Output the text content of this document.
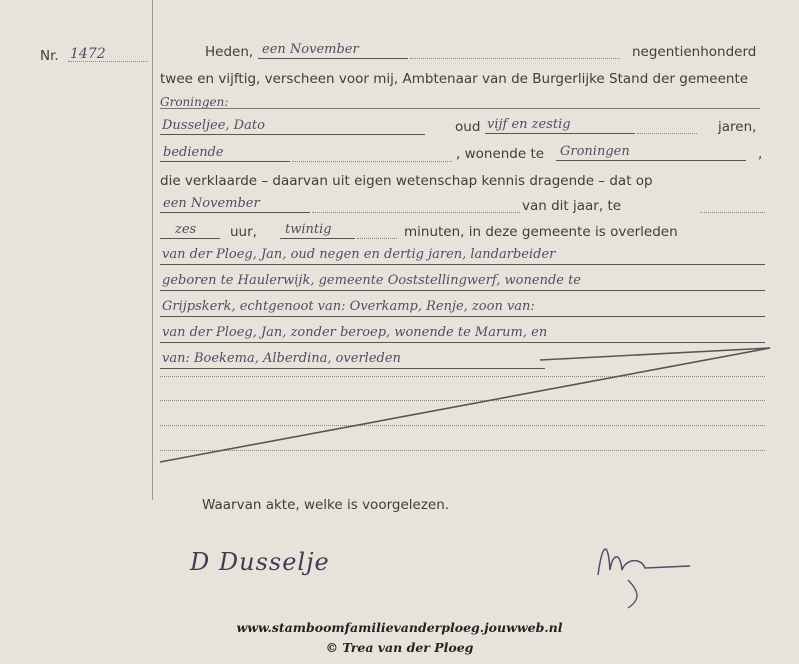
Nr. 1472	Heden, een November	negentienhonderd
twee en vijftig, verscheen voor mij, Ambtenaar van de Burgerlijke Stand der gemeente
Groningen:
Dusseljee, Dato	oud vijf en zestig	jaren,
bediende	, wonende te Groningen	,
die verklaarde – daarvan uit eigen wetenschap kennis dragende – dat op
een November	van dit jaar, te
zes	uur, twintig	minuten, in deze gemeente is overleden
van der Ploeg, Jan, oud negen en dertig jaren, landarbeider
geboren te Haulerwijk, gemeente Ooststellingwerf, wonende te
Grijpskerk, echtgenoot van: Overkamp, Renje, zoon van:
van der Ploeg, Jan, zonder beroep, wonende te Marum, en
van: Boekema, Alberdina, overleden
Waarvan akte, welke is voorgelezen.
D Dusselje
www.stamboomfamilievanderploeg.jouwweb.nl
© Trea van der Ploeg
